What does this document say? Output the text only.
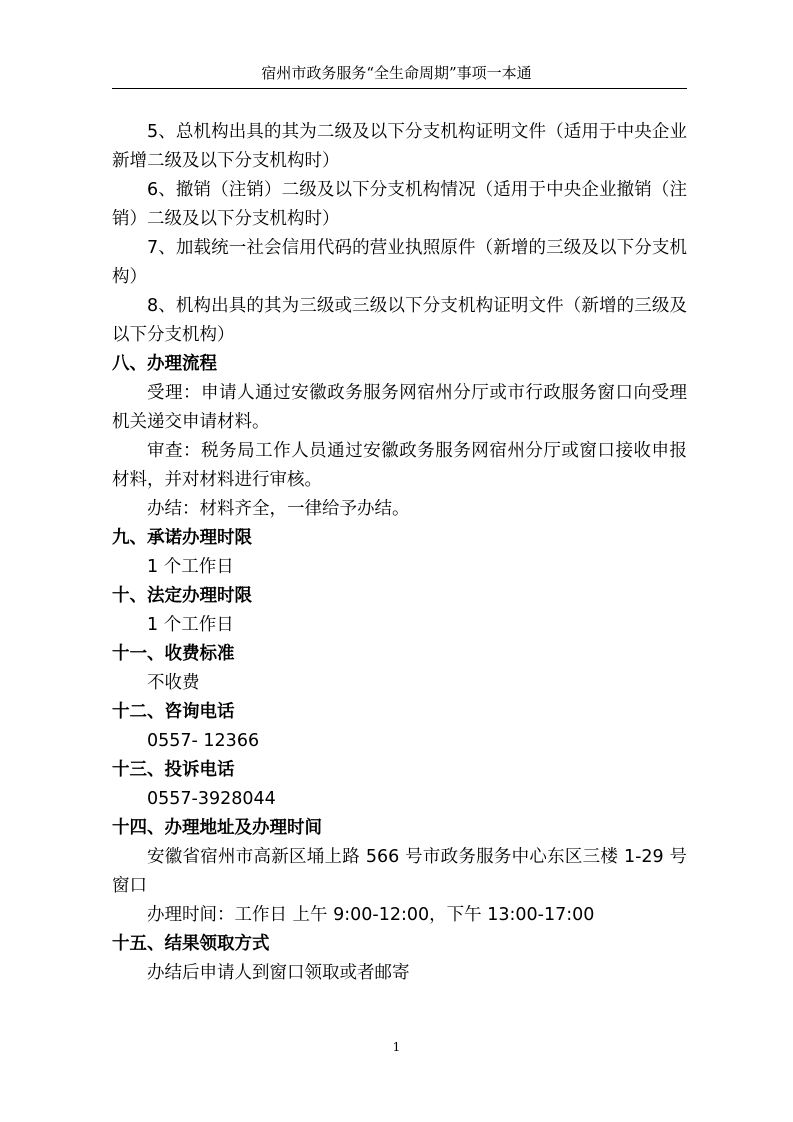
宿州市政务服务“全生命周期”事项一本通

5、总机构出具的其为二级及以下分支机构证明文件（适用于中央企业新增二级及以下分支机构时）

6、撤销（注销）二级及以下分支机构情况（适用于中央企业撤销（注销）二级及以下分支机构时）

7、加载统一社会信用代码的营业执照原件（新增的三级及以下分支机构）

8、机构出具的其为三级或三级以下分支机构证明文件（新增的三级及以下分支机构）

八、办理流程

受理：申请人通过安徽政务服务网宿州分厅或市行政服务窗口向受理机关递交申请材料。

审查：税务局工作人员通过安徽政务服务网宿州分厅或窗口接收申报材料，并对材料进行审核。

办结：材料齐全，一律给予办结。

九、承诺办理时限

1 个工作日

十、法定办理时限

1 个工作日

十一、收费标准

不收费

十二、咨询电话

0557- 12366

十三、投诉电话

0557-3928044

十四、办理地址及办理时间

安徽省宿州市高新区埇上路 566 号市政务服务中心东区三楼 1-29 号窗口

办理时间：工作日 上午 9:00-12:00，下午 13:00-17:00

十五、结果领取方式

办结后申请人到窗口领取或者邮寄

1
